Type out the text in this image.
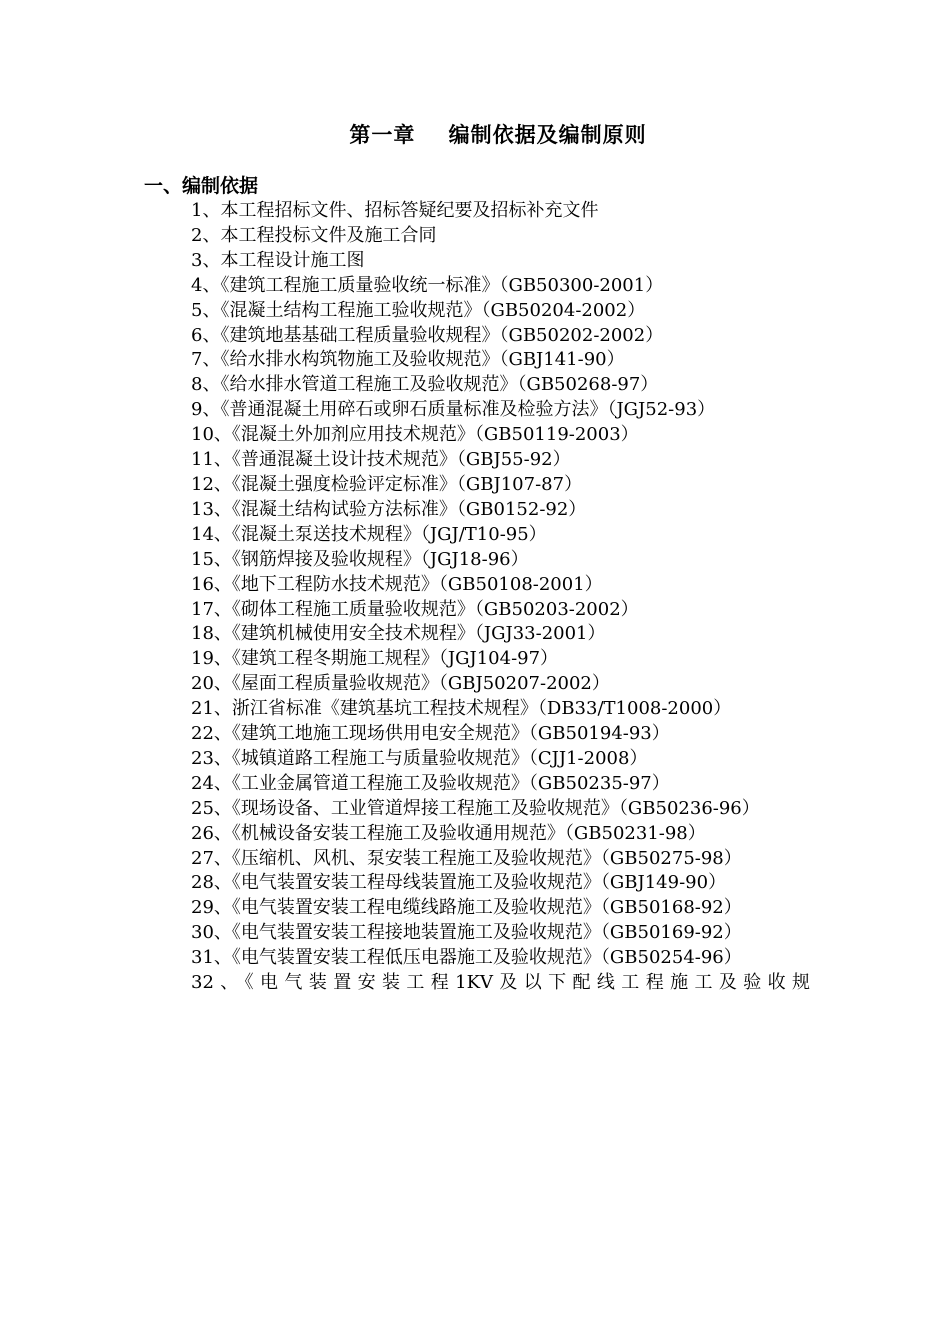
第一章    编制依据及编制原则
一、编制依据
1、本工程招标文件、招标答疑纪要及招标补充文件
2、本工程投标文件及施工合同
3、本工程设计施工图
4、《建筑工程施工质量验收统一标准》（GB50300-2001）
5、《混凝土结构工程施工验收规范》（GB50204-2002）
6、《建筑地基基础工程质量验收规程》（GB50202-2002）
7、《给水排水构筑物施工及验收规范》（GBJ141-90）
8、《给水排水管道工程施工及验收规范》（GB50268-97）
9、《普通混凝土用碎石或卵石质量标准及检验方法》（JGJ52-93）
10、《混凝土外加剂应用技术规范》（GB50119-2003）
11、《普通混凝土设计技术规范》（GBJ55-92）
12、《混凝土强度检验评定标准》（GBJ107-87）
13、《混凝土结构试验方法标准》（GB0152-92）
14、《混凝土泵送技术规程》（JGJ/T10-95）
15、《钢筋焊接及验收规程》（JGJ18-96）
16、《地下工程防水技术规范》（GB50108-2001）
17、《砌体工程施工质量验收规范》（GB50203-2002）
18、《建筑机械使用安全技术规程》（JGJ33-2001）
19、《建筑工程冬期施工规程》（JGJ104-97）
20、《屋面工程质量验收规范》（GBJ50207-2002）
21、浙江省标准《建筑基坑工程技术规程》（DB33/T1008-2000）
22、《建筑工地施工现场供用电安全规范》（GB50194-93）
23、《城镇道路工程施工与质量验收规范》（CJJ1-2008）
24、《工业金属管道工程施工及验收规范》（GB50235-97）
25、《现场设备、工业管道焊接工程施工及验收规范》（GB50236-96）
26、《机械设备安装工程施工及验收通用规范》（GB50231-98）
27、《压缩机、风机、泵安装工程施工及验收规范》（GB50275-98）
28、《电气装置安装工程母线装置施工及验收规范》（GBJ149-90）
29、《电气装置安装工程电缆线路施工及验收规范》（GB50168-92）
30、《电气装置安装工程接地装置施工及验收规范》（GB50169-92）
31、《电气装置安装工程低压电器施工及验收规范》（GB50254-96）
32、《电气装置安装工程1KV及以下配线工程施工及验收规
